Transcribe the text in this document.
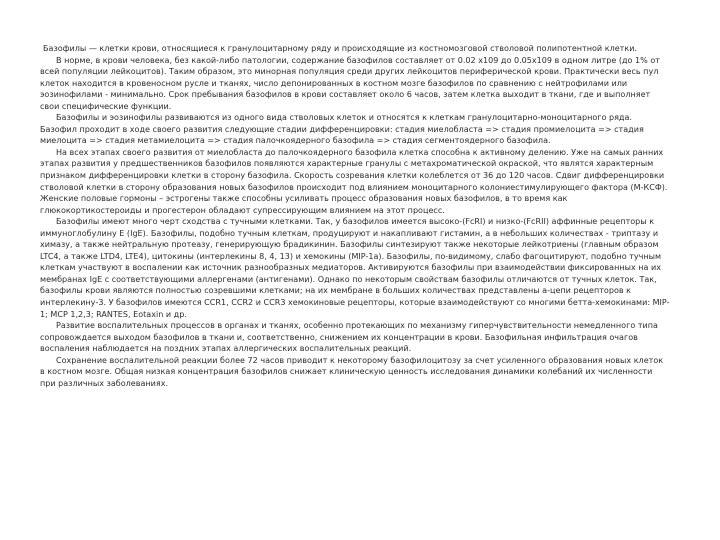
Базофилы — клетки крови, относящиеся к гранулоцитарному ряду и происходящие из костномозговой стволовой полипотентной клетки.

В норме, в крови человека, без какой-либо патологии, содержание базофилов составляет от 0.02 х109 до 0.05х109 в одном литре (до 1% от всей популяции лейкоцитов). Таким образом, это минорная популяция среди других лейкоцитов периферической крови. Практически весь пул клеток находится в кровеносном русле и тканях, число депонированных в костном мозге базофилов по сравнению с нейтрофилами или эозинофилами - минимально. Срок пребывания базофилов в крови составляет около 6 часов, затем клетка выходит в ткани, где и выполняет свои специфические функции.

Базофилы и эозинофилы развиваются из одного вида стволовых клеток и относятся к клеткам гранулоцитарно-моноцитарного ряда. Базофил проходит в ходе своего развития следующие стадии дифференцировки: стадия миелобласта => стадия промиелоцита => стадия миелоцита => стадия метамиелоцита => стадия палочкоядерного базофила => стадия сегментоядерного базофила.

На всех этапах своего развития от миелобласта до палочкоядерного базофила клетка способна к активному делению. Уже на самых ранних этапах развития у предшественников базофилов появляются характерные гранулы с метахроматической окраской, что являтся характерным признаком дифференцировки клетки в сторону базофила. Скорость созревания клетки колеблется от 36 до 120 часов. Сдвиг дифференцировки стволовой клетки в сторону образования новых базофилов происходит под влиянием моноцитарного колониестимулирующего фактора (М-КСФ). Женские половые гормоны – эстрогены также способны усиливать процесс образования новых базофилов, в то время как глюкокортикостероиды и прогестерон обладают супрессирующим влиянием на этот процесс.

Базофилы имеют много черт сходства с тучными клетками. Так, у базофилов имеется высоко-(FcRI) и низко-(FcRII) аффинные рецепторы к иммуноглобулину Е (IgE). Базофилы, подобно тучным клеткам, продуцируют и накапливают гистамин, а в небольших количествах - триптазу и химазу, а также нейтральную протеазу, генерирующую брадикинин. Базофилы синтезируют также некоторые лейкотриены (главным образом LTC4, а также LTD4, LTE4), цитокины (интерлекины 8, 4, 13) и хемокины (MIP-1a). Базофилы, по-видимому, слабо фагоцитируют, подобно тучным клеткам участвуют в воспалении как источник разнообразных медиаторов. Активируются базофилы при взаимодействии фиксированных на их мембранах IgE с соответствующими аллергенами (антигенами). Однако по некоторым свойствам базофилы отличаются от тучных клеток. Так, базофилы крови являются полностью созревшими клетками; на их мембране в больших количествах представлены a-цепи рецепторов к интерлекину-3. У базофилов имеются CCR1, CCR2 и CCR3 хемокиновые рецепторы, которые взаимодействуют со многими бетта-хемокинами: MIP-1; MCP 1,2,3; RANTES, Eotaxin и др.

Развитие воспалительных процессов в органах и тканях, особенно протекающих по механизму гиперчувствительности немедленного типа сопровождается выходом базофилов в ткани и, соответственно, снижением их концентрации в крови. Базофильная инфильтрация очагов воспаления наблюдается на поздних этапах аллергических воспалительных реакций.

Сохранение воспалительной реакции более 72 часов приводит к некоторому базофилоцитозу за счет усиленного образования новых клеток в костном мозге. Общая низкая концентрация базофилов снижает клиническую ценность исследования динамики колебаний их численности при различных заболеваниях.
